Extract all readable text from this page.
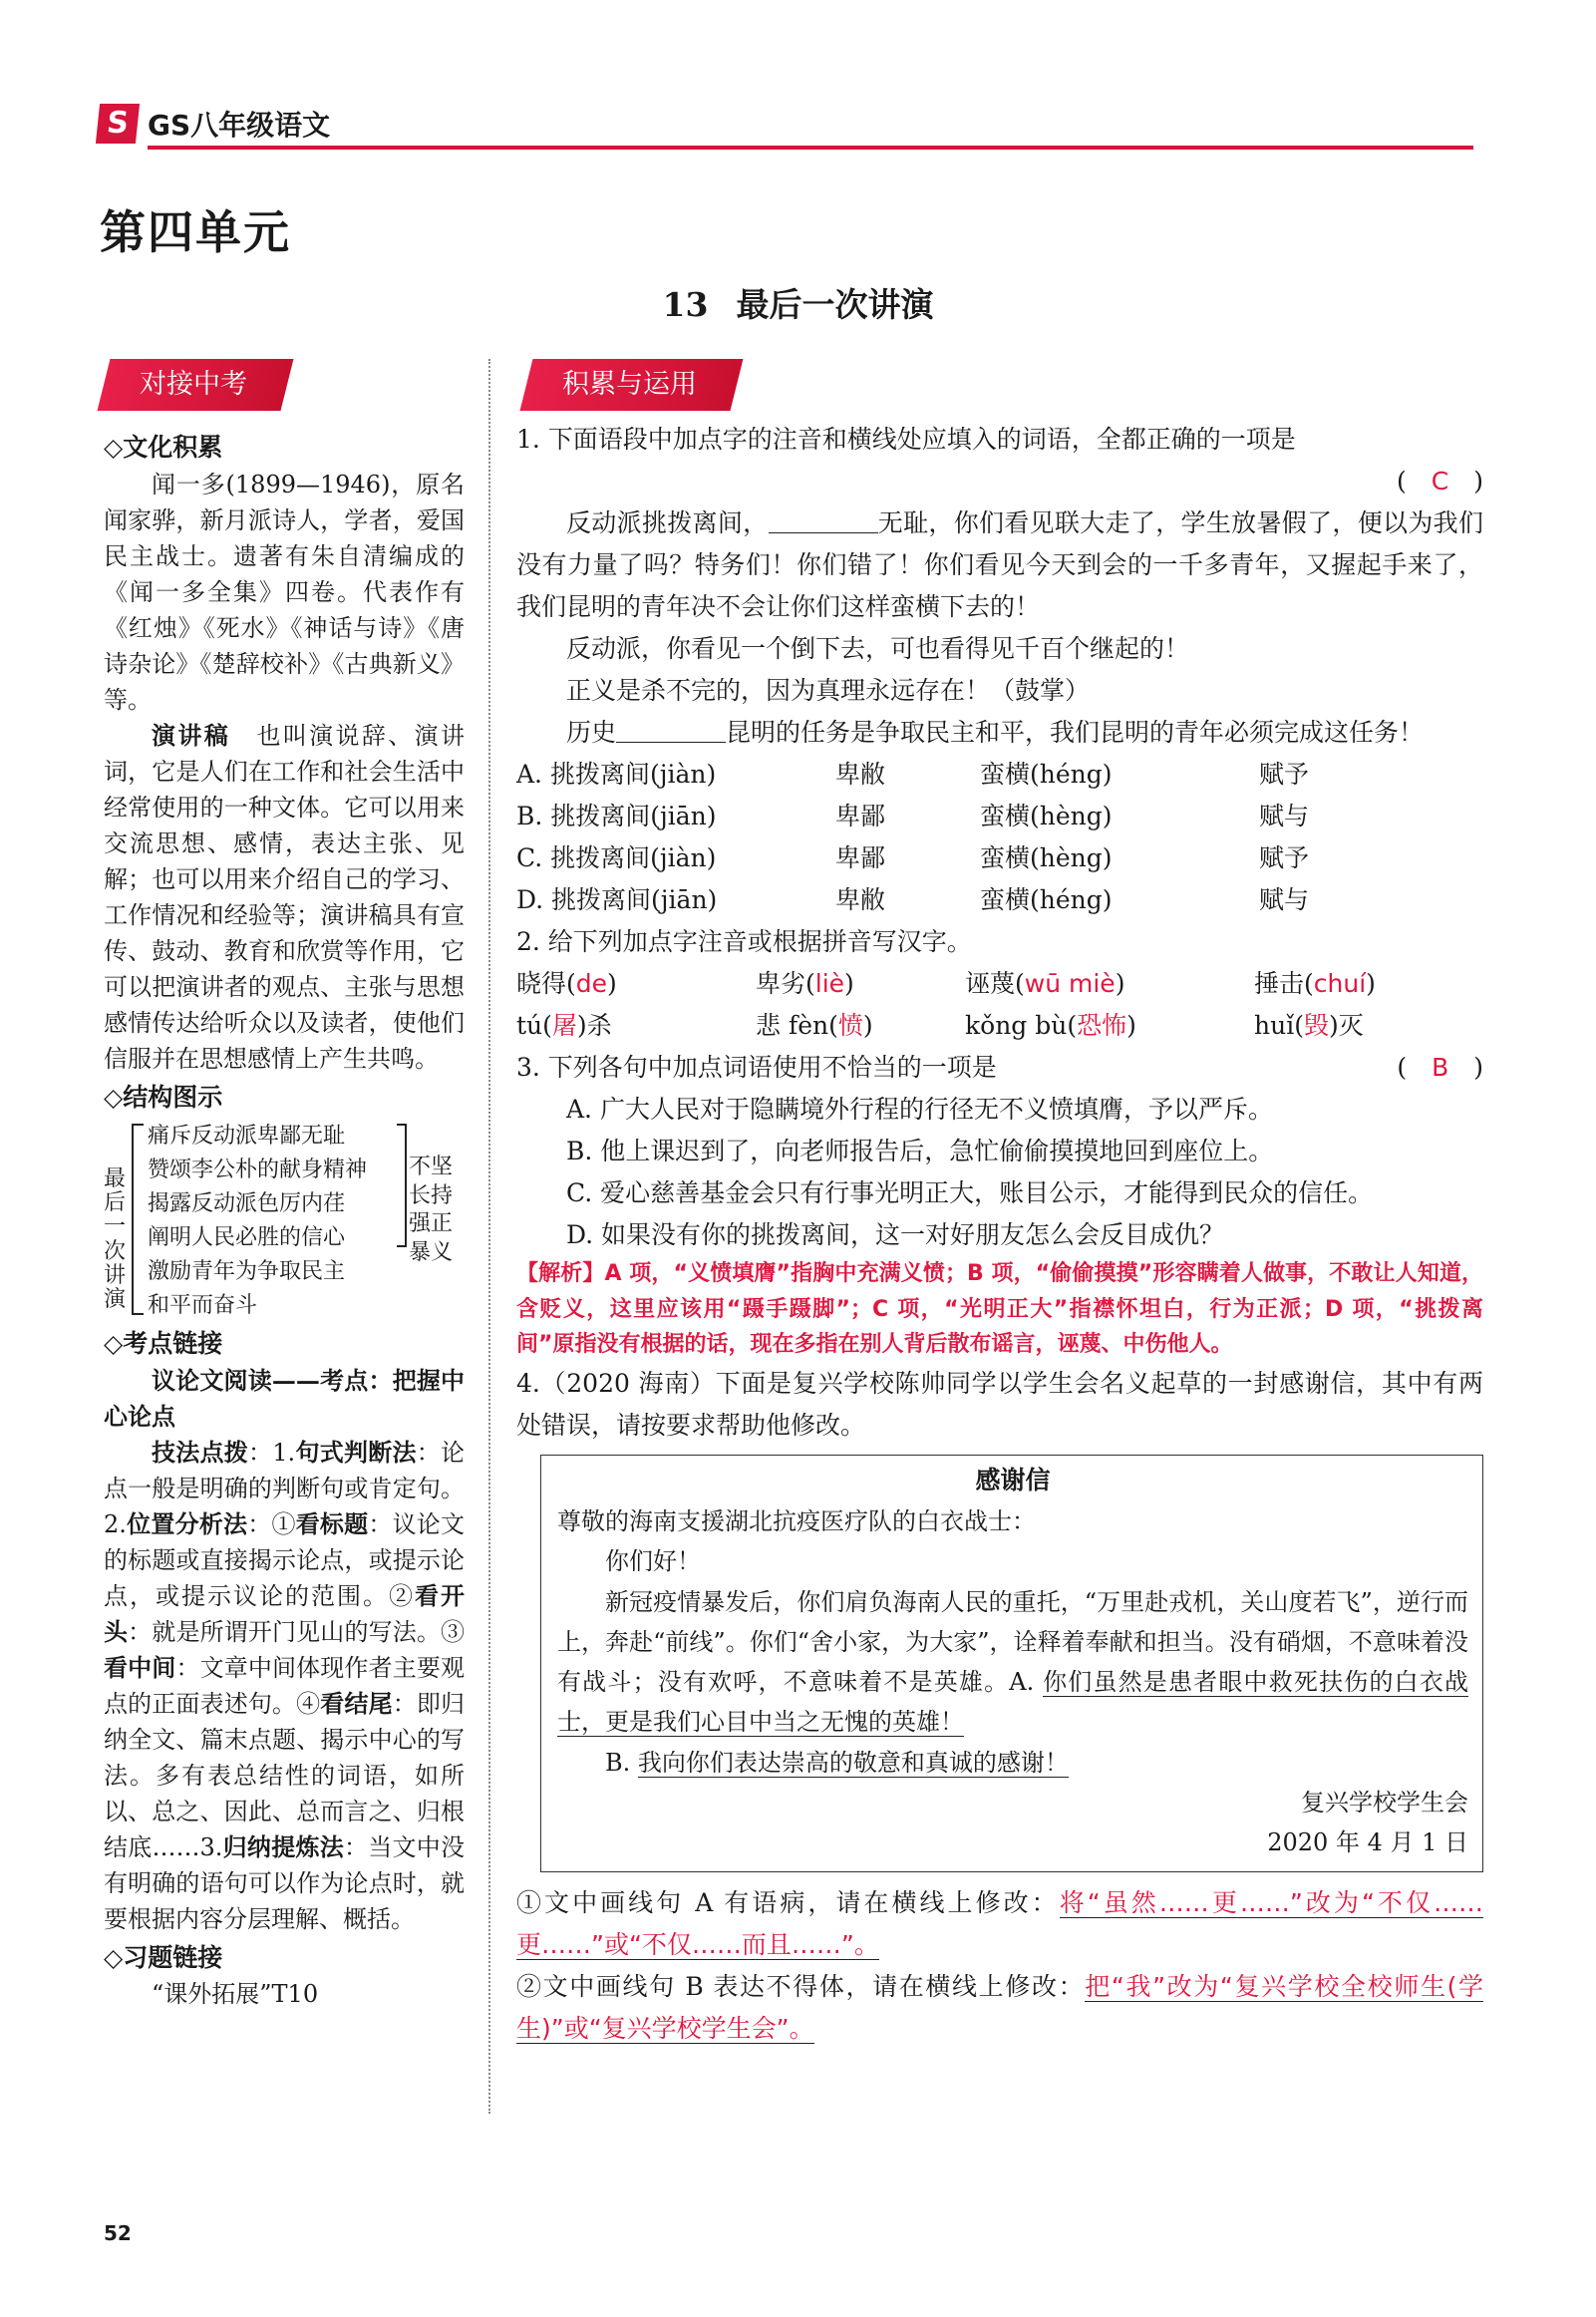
S GS八年级语文
第四单元
13 最后一次讲演
对接中考

◇文化积累

闻一多(1899—1946)，原名闻家骅，新月派诗人，学者，爱国民主战士。遗著有朱自清编成的《闻一多全集》四卷。代表作有《红烛》《死水》《神话与诗》《唐诗杂论》《楚辞校补》《古典新义》等。

演讲稿　也叫演说辞、演讲词，它是人们在工作和社会生活中经常使用的一种文体。它可以用来交流思想、感情，表达主张、见解；也可以用来介绍自己的学习、工作情况和经验等；演讲稿具有宣传、鼓动、教育和欣赏等作用，它可以把演讲者的观点、主张与思想感情传达给听众以及读者，使他们信服并在思想感情上产生共鸣。

◇结构图示

最后一次讲演
痛斥反动派卑鄙无耻
赞颂李公朴的献身精神
揭露反动派色厉内荏
阐明人民必胜的信心
激励青年为争取民主
和平而奋斗
不坚长持强正暴义

◇考点链接

议论文阅读——考点：把握中心论点

技法点拨：1.句式判断法：论点一般是明确的判断句或肯定句。2.位置分析法：①看标题：议论文的标题或直接揭示论点，或提示论点，或提示议论的范围。②看开头：就是所谓开门见山的写法。③看中间：文章中间体现作者主要观点的正面表述句。④看结尾：即归纳全文、篇末点题、揭示中心的写法。多有表总结性的词语，如所以、总之、因此、总而言之、归根结底……3.归纳提炼法：当文中没有明确的语句可以作为论点时，就要根据内容分层理解、概括。

◇习题链接

“课外拓展”T10

积累与运用

1. 下面语段中加点字的注音和横线处应填入的词语，全都正确的一项是

(　C　)

反动派挑拨离间，	无耻，你们看见联大走了，学生放暑假了，便以为我们没有力量了吗？特务们！你们错了！你们看见今天到会的一千多青年，又握起手来了，我们昆明的青年决不会让你们这样蛮横下去的！

反动派，你看见一个倒下去，可也看得见千百个继起的！

正义是杀不完的，因为真理永远存在！（鼓掌）

历史	昆明的任务是争取民主和平，我们昆明的青年必须完成这任务！

A. 挑拨离间(jiàn)	卑敝	蛮横(héng)	赋予
B. 挑拨离间(jiān)	卑鄙	蛮横(hèng)	赋与
C. 挑拨离间(jiàn)	卑鄙	蛮横(hèng)	赋予
D. 挑拨离间(jiān)	卑敝	蛮横(héng)	赋与

2. 给下列加点字注音或根据拼音写汉字。

晓得(de)	卑劣(liè)	诬蔑(wū miè)	捶击(chuí)
tú(屠)杀	悲 fèn(愤)	kǒng bù(恐怖)	huǐ(毁)灭

3. 下列各句中加点词语使用不恰当的一项是	(　B　)

A. 广大人民对于隐瞒境外行程的行径无不义愤填膺，予以严斥。

B. 他上课迟到了，向老师报告后，急忙偷偷摸摸地回到座位上。

C. 爱心慈善基金会只有行事光明正大，账目公示，才能得到民众的信任。

D. 如果没有你的挑拨离间，这一对好朋友怎么会反目成仇？

【解析】A 项，“义愤填膺”指胸中充满义愤；B 项，“偷偷摸摸”形容瞒着人做事，不敢让人知道，含贬义，这里应该用“蹑手蹑脚”；C 项，“光明正大”指襟怀坦白，行为正派；D 项，“挑拨离间”原指没有根据的话，现在多指在别人背后散布谣言，诬蔑、中伤他人。

4.（2020 海南）下面是复兴学校陈帅同学以学生会名义起草的一封感谢信，其中有两处错误，请按要求帮助他修改。

感谢信

尊敬的海南支援湖北抗疫医疗队的白衣战士：

你们好！

新冠疫情暴发后，你们肩负海南人民的重托，“万里赴戎机，关山度若飞”，逆行而上，奔赴“前线”。你们“舍小家，为大家”，诠释着奉献和担当。没有硝烟，不意味着没有战斗；没有欢呼，不意味着不是英雄。A. 你们虽然是患者眼中救死扶伤的白衣战士，更是我们心目中当之无愧的英雄！

B. 我向你们表达崇高的敬意和真诚的感谢！

复兴学校学生会

2020 年 4 月 1 日

①文中画线句 A 有语病，请在横线上修改：将“虽然……更……”改为“不仅……更……”或“不仅……而且……”。

②文中画线句 B 表达不得体，请在横线上修改：把“我”改为“复兴学校全校师生(学生)”或“复兴学校学生会”。

52
